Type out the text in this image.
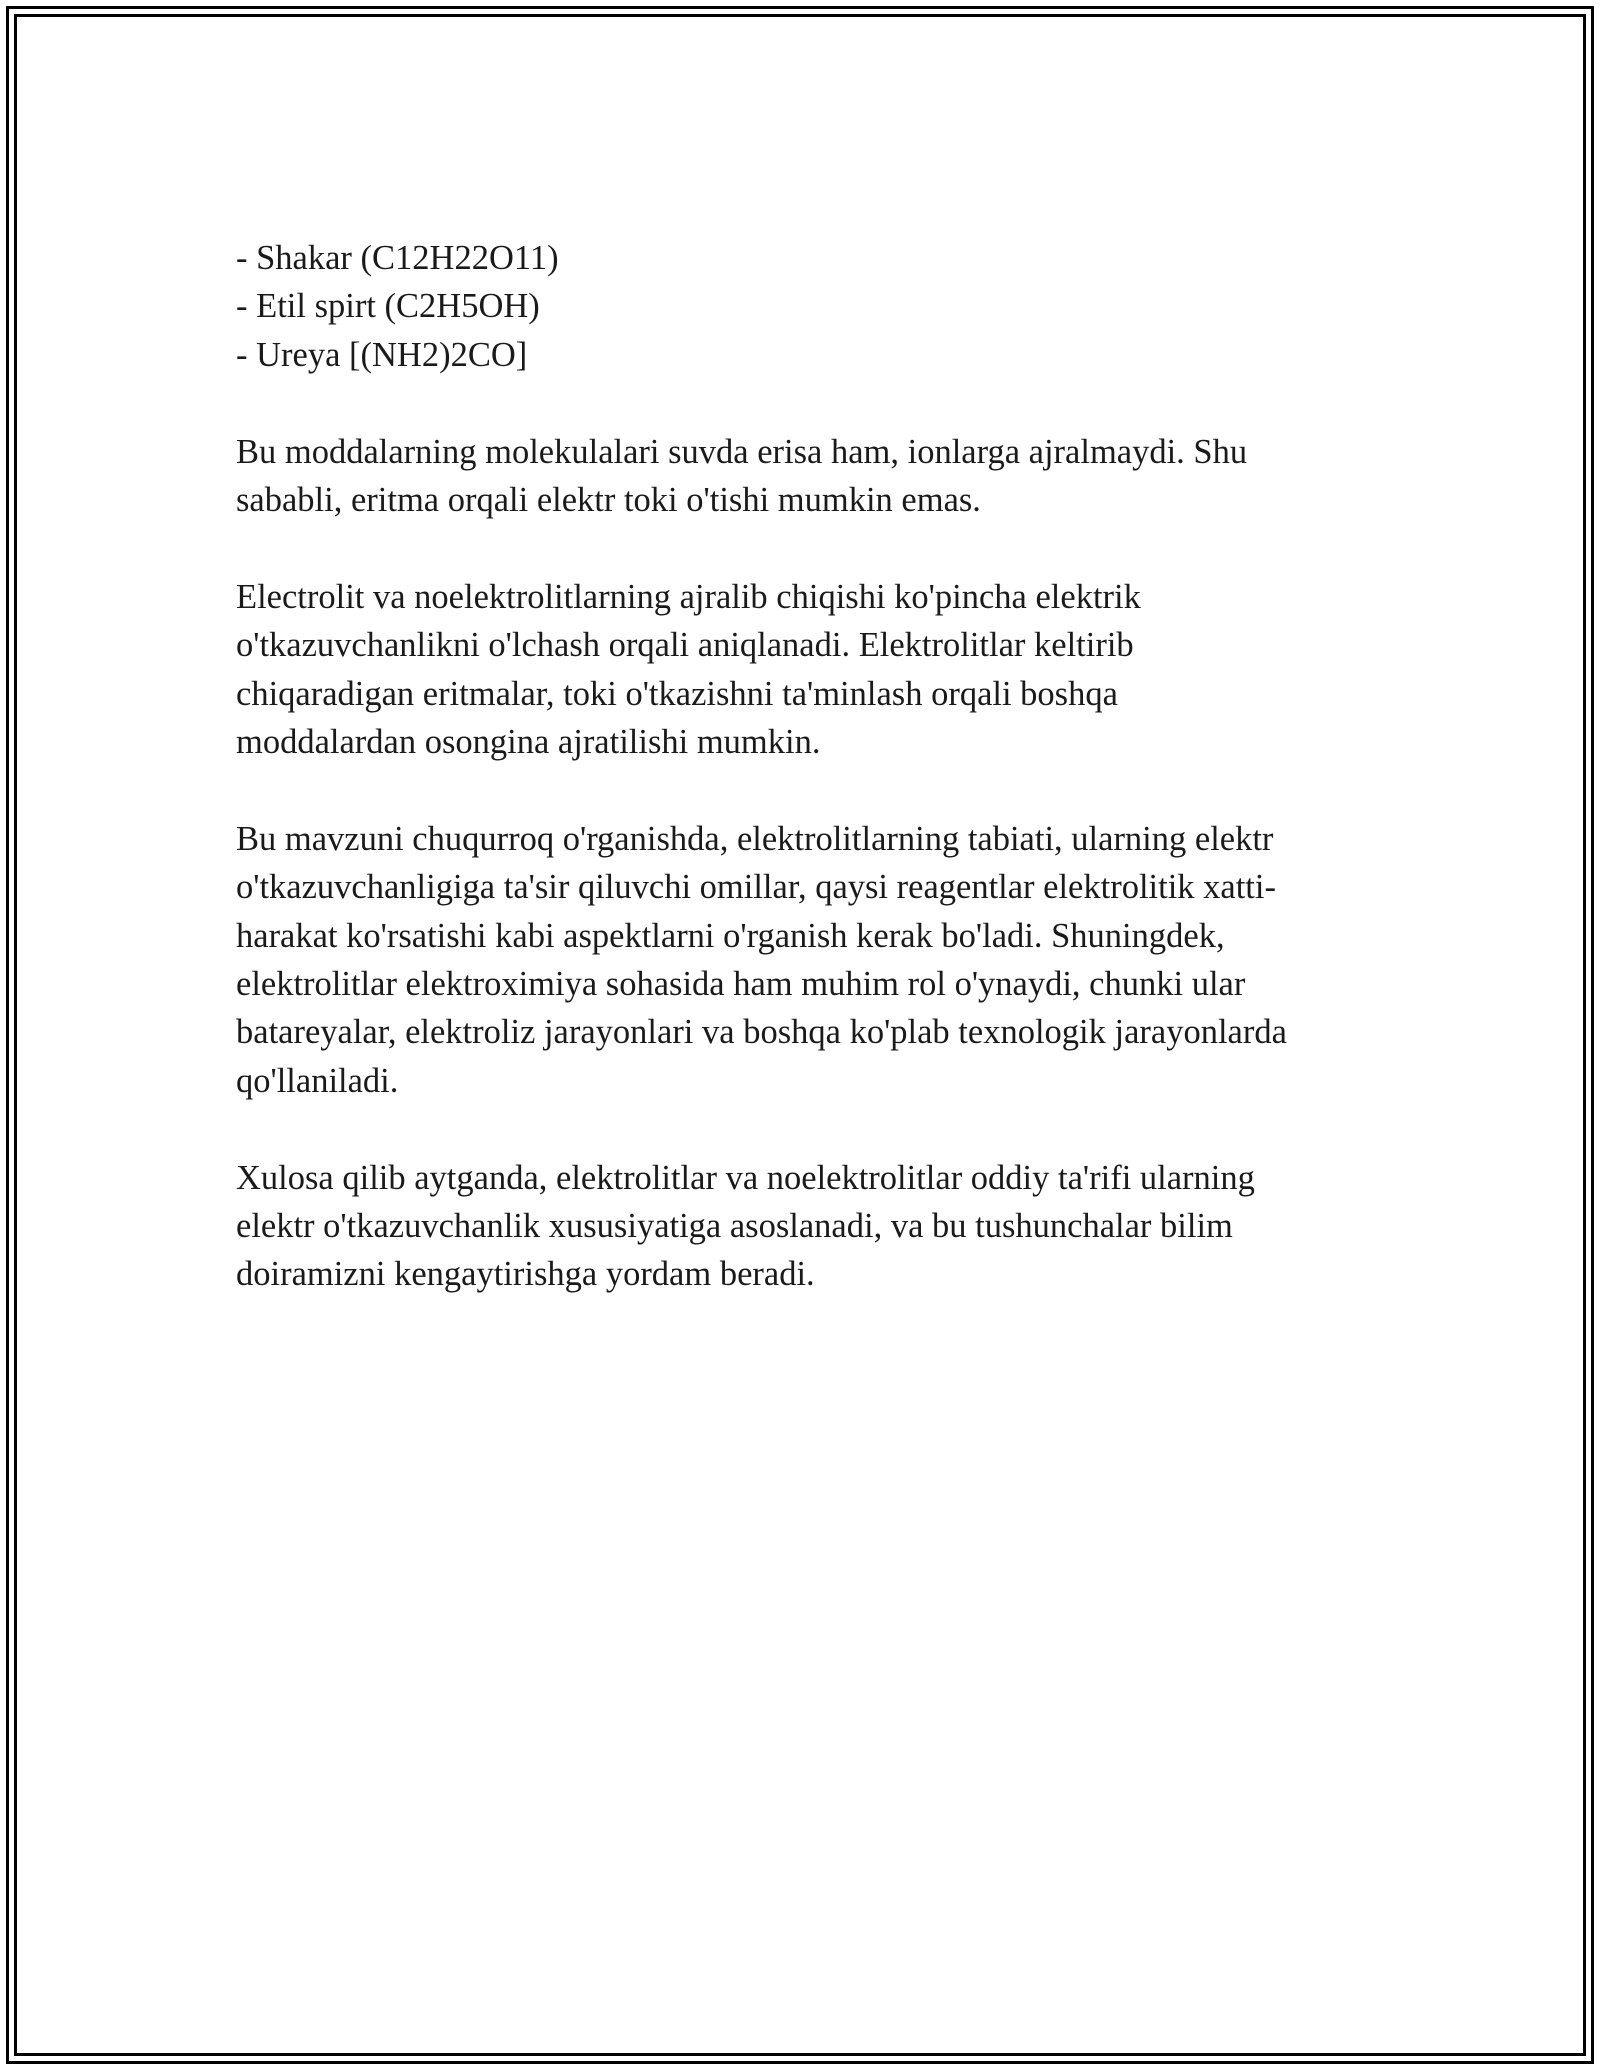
- Shakar (C12H22O11)
- Etil spirt (C2H5OH)
- Ureya [(NH2)2CO]

Bu moddalarning molekulalari suvda erisa ham, ionlarga ajralmaydi. Shu
sababli, eritma orqali elektr toki o'tishi mumkin emas.

Electrolit va noelektrolitlarning ajralib chiqishi ko'pincha elektrik
o'tkazuvchanlikni o'lchash orqali aniqlanadi. Elektrolitlar keltirib
chiqaradigan eritmalar, toki o'tkazishni ta'minlash orqali boshqa
moddalardan osongina ajratilishi mumkin.

Bu mavzuni chuqurroq o'rganishda, elektrolitlarning tabiati, ularning elektr
o'tkazuvchanligiga ta'sir qiluvchi omillar, qaysi reagentlar elektrolitik xatti-
harakat ko'rsatishi kabi aspektlarni o'rganish kerak bo'ladi. Shuningdek,
elektrolitlar elektroximiya sohasida ham muhim rol o'ynaydi, chunki ular
batareyalar, elektroliz jarayonlari va boshqa ko'plab texnologik jarayonlarda
qo'llaniladi.

Xulosa qilib aytganda, elektrolitlar va noelektrolitlar oddiy ta'rifi ularning
elektr o'tkazuvchanlik xususiyatiga asoslanadi, va bu tushunchalar bilim
doiramizni kengaytirishga yordam beradi.
